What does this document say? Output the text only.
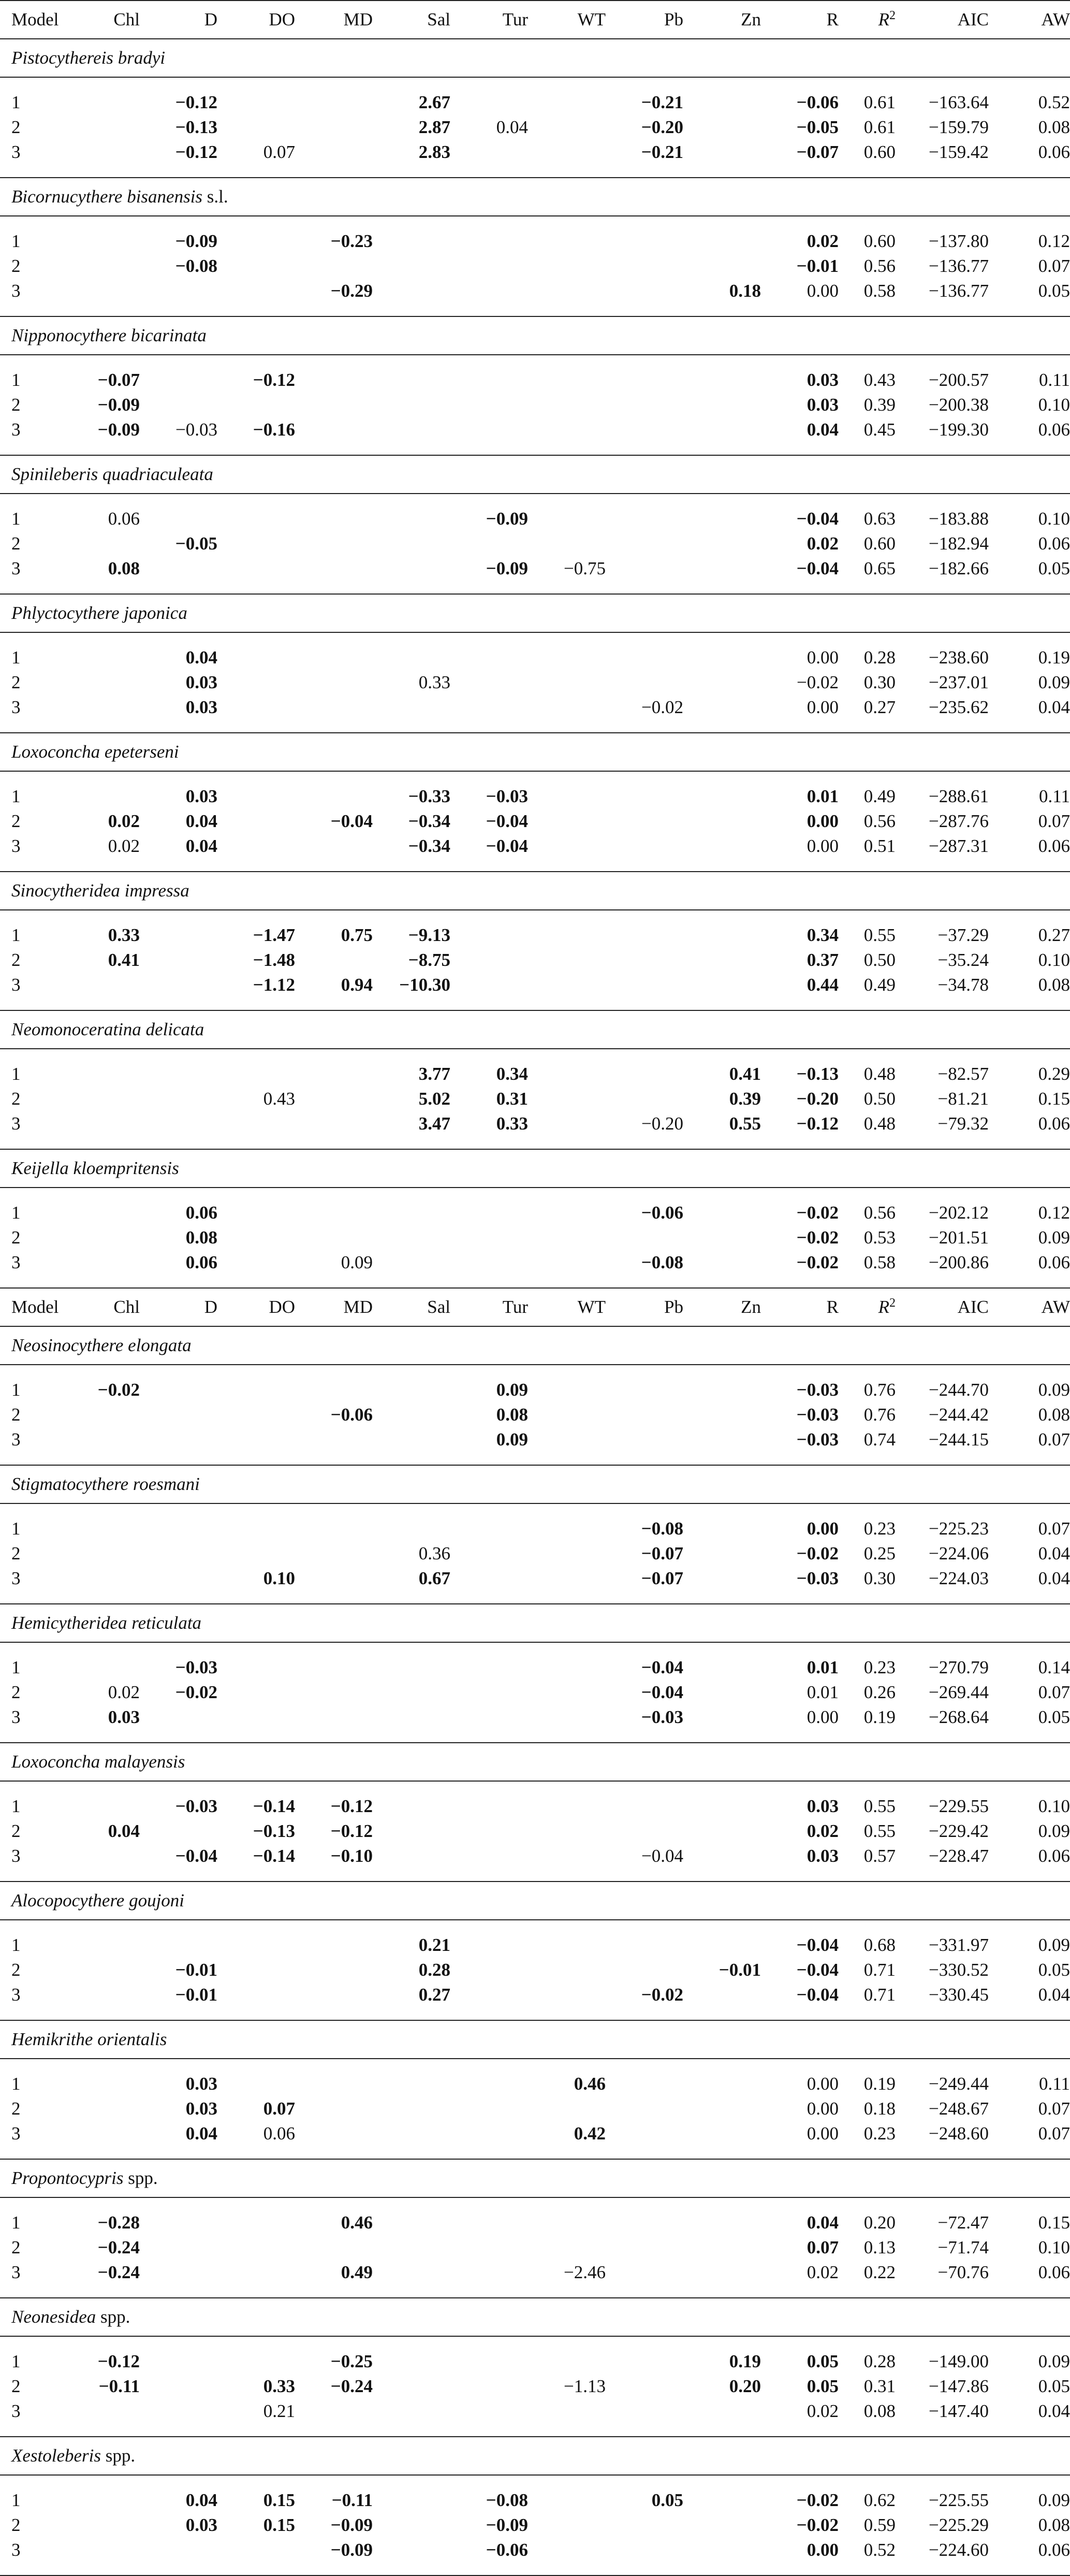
Model	Chl	D	DO	MD	Sal	Tur	WT	Pb	Zn	R	$R^2$	AIC	AW
Pistocythereis bradyi													

1		−0.12			2.67			−0.21		−0.06	0.61	−163.64	0.52
2		−0.13			2.87	0.04		−0.20		−0.05	0.61	−159.79	0.08
3		−0.12	0.07		2.83			−0.21		−0.07	0.60	−159.42	0.06

Bicornucythere bisanensis s.l.													

1		−0.09		−0.23						0.02	0.60	−137.80	0.12
2		−0.08								−0.01	0.56	−136.77	0.07
3				−0.29					0.18	0.00	0.58	−136.77	0.05

Nipponocythere bicarinata													

1	−0.07		−0.12							0.03	0.43	−200.57	0.11
2	−0.09									0.03	0.39	−200.38	0.10
3	−0.09	−0.03	−0.16							0.04	0.45	−199.30	0.06

Spinileberis quadriaculeata													

1	0.06					−0.09				−0.04	0.63	−183.88	0.10
2		−0.05								0.02	0.60	−182.94	0.06
3	0.08					−0.09	−0.75			−0.04	0.65	−182.66	0.05

Phlyctocythere japonica													

1		0.04								0.00	0.28	−238.60	0.19
2		0.03			0.33					−0.02	0.30	−237.01	0.09
3		0.03						−0.02		0.00	0.27	−235.62	0.04

Loxoconcha epeterseni													

1		0.03			−0.33	−0.03				0.01	0.49	−288.61	0.11
2	0.02	0.04		−0.04	−0.34	−0.04				0.00	0.56	−287.76	0.07
3	0.02	0.04			−0.34	−0.04				0.00	0.51	−287.31	0.06

Sinocytheridea impressa													

1	0.33		−1.47	0.75	−9.13					0.34	0.55	−37.29	0.27
2	0.41		−1.48		−8.75					0.37	0.50	−35.24	0.10
3			−1.12	0.94	−10.30					0.44	0.49	−34.78	0.08

Neomonoceratina delicata													

1					3.77	0.34			0.41	−0.13	0.48	−82.57	0.29
2			0.43		5.02	0.31			0.39	−0.20	0.50	−81.21	0.15
3					3.47	0.33		−0.20	0.55	−0.12	0.48	−79.32	0.06

Keijella kloempritensis													

1		0.06						−0.06		−0.02	0.56	−202.12	0.12
2		0.08								−0.02	0.53	−201.51	0.09
3		0.06		0.09				−0.08		−0.02	0.58	−200.86	0.06

Model	Chl	D	DO	MD	Sal	Tur	WT	Pb	Zn	R	$R^2$	AIC	AW
Neosinocythere elongata													

1	−0.02					0.09				−0.03	0.76	−244.70	0.09
2				−0.06		0.08				−0.03	0.76	−244.42	0.08
3						0.09				−0.03	0.74	−244.15	0.07

Stigmatocythere roesmani													

1								−0.08		0.00	0.23	−225.23	0.07
2					0.36			−0.07		−0.02	0.25	−224.06	0.04
3			0.10		0.67			−0.07		−0.03	0.30	−224.03	0.04

Hemicytheridea reticulata													

1		−0.03						−0.04		0.01	0.23	−270.79	0.14
2	0.02	−0.02						−0.04		0.01	0.26	−269.44	0.07
3	0.03							−0.03		0.00	0.19	−268.64	0.05

Loxoconcha malayensis													

1		−0.03	−0.14	−0.12						0.03	0.55	−229.55	0.10
2	0.04		−0.13	−0.12						0.02	0.55	−229.42	0.09
3		−0.04	−0.14	−0.10				−0.04		0.03	0.57	−228.47	0.06

Alocopocythere goujoni													

1					0.21					−0.04	0.68	−331.97	0.09
2		−0.01			0.28				−0.01	−0.04	0.71	−330.52	0.05
3		−0.01			0.27			−0.02		−0.04	0.71	−330.45	0.04

Hemikrithe orientalis													

1		0.03					0.46			0.00	0.19	−249.44	0.11
2		0.03	0.07							0.00	0.18	−248.67	0.07
3		0.04	0.06				0.42			0.00	0.23	−248.60	0.07

Propontocypris spp.													

1	−0.28			0.46						0.04	0.20	−72.47	0.15
2	−0.24									0.07	0.13	−71.74	0.10
3	−0.24			0.49			−2.46			0.02	0.22	−70.76	0.06

Neonesidea spp.													

1	−0.12			−0.25					0.19	0.05	0.28	−149.00	0.09
2	−0.11		0.33	−0.24			−1.13		0.20	0.05	0.31	−147.86	0.05
3			0.21							0.02	0.08	−147.40	0.04

Xestoleberis spp.													

1		0.04	0.15	−0.11		−0.08		0.05		−0.02	0.62	−225.55	0.09
2		0.03	0.15	−0.09		−0.09				−0.02	0.59	−225.29	0.08
3				−0.09		−0.06				0.00	0.52	−224.60	0.06
